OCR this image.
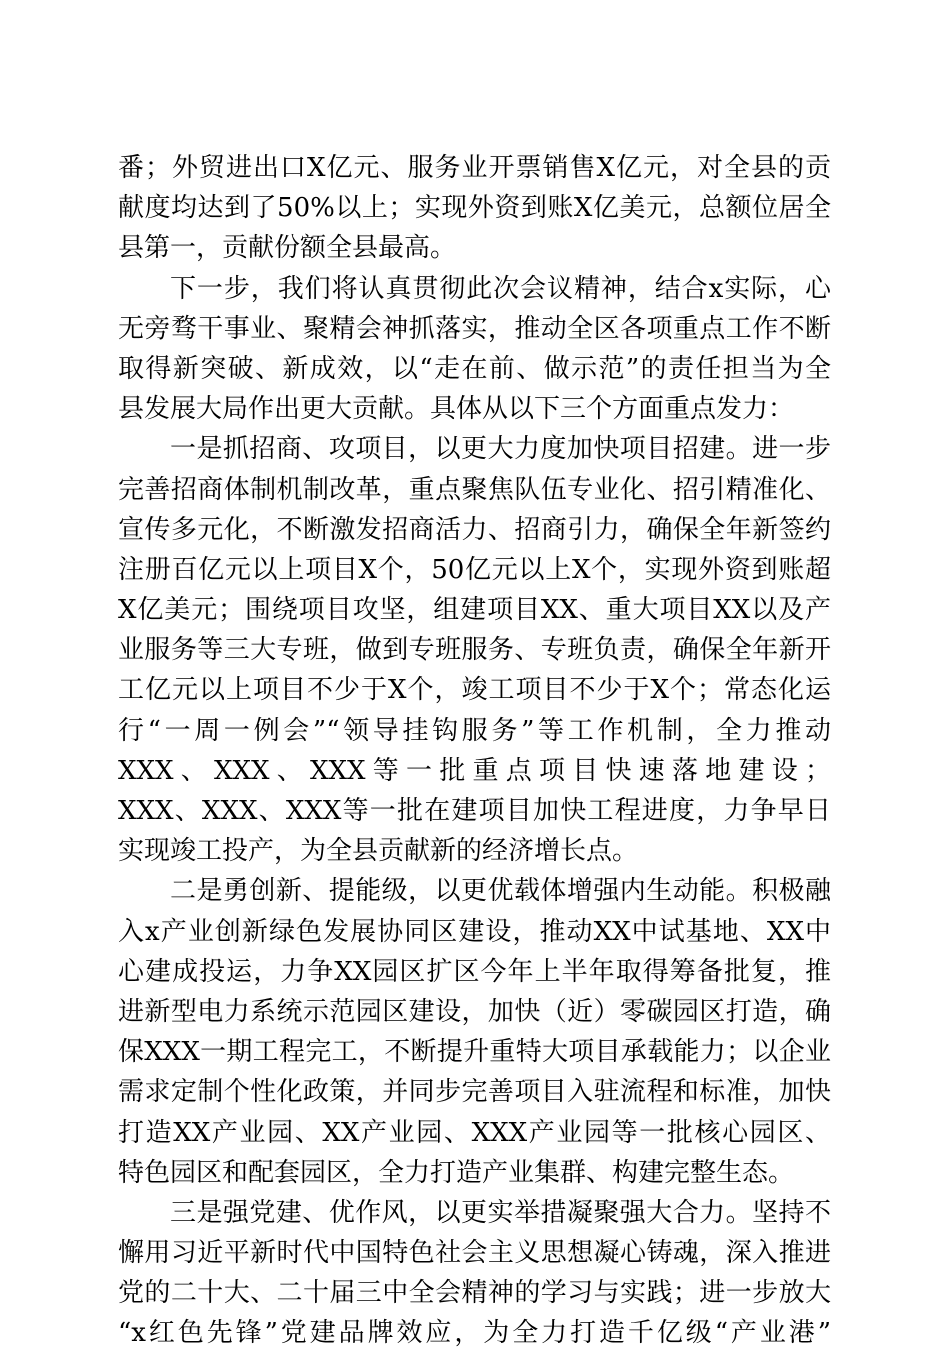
番；外贸进出口X亿元、服务业开票销售X亿元，对全县的贡
献度均达到了50%以上；实现外资到账X亿美元，总额位居全
县第一，贡献份额全县最高。
下一步，我们将认真贯彻此次会议精神，结合x实际，心
无旁骛干事业、聚精会神抓落实，推动全区各项重点工作不断
取得新突破、新成效，以“走在前、做示范”的责任担当为全
县发展大局作出更大贡献。具体从以下三个方面重点发力：
一是抓招商、攻项目，以更大力度加快项目招建。进一步
完善招商体制机制改革，重点聚焦队伍专业化、招引精准化、
宣传多元化，不断激发招商活力、招商引力，确保全年新签约
注册百亿元以上项目X个，50亿元以上X个，实现外资到账超
X亿美元；围绕项目攻坚，组建项目XX、重大项目XX以及产
业服务等三大专班，做到专班服务、专班负责，确保全年新开
工亿元以上项目不少于X个，竣工项目不少于X个；常态化运
行“一周一例会”“领导挂钩服务”等工作机制，全力推动
XXX、XXX、XXX等一批重点项目快速落地建设；
XXX、XXX、XXX等一批在建项目加快工程进度，力争早日
实现竣工投产，为全县贡献新的经济增长点。
二是勇创新、提能级，以更优载体增强内生动能。积极融
入x产业创新绿色发展协同区建设，推动XX中试基地、XX中
心建成投运，力争XX园区扩区今年上半年取得筹备批复，推
进新型电力系统示范园区建设，加快（近）零碳园区打造，确
保XXX一期工程完工，不断提升重特大项目承载能力；以企业
需求定制个性化政策，并同步完善项目入驻流程和标准，加快
打造XX产业园、XX产业园、XXX产业园等一批核心园区、
特色园区和配套园区，全力打造产业集群、构建完整生态。
三是强党建、优作风，以更实举措凝聚强大合力。坚持不
懈用习近平新时代中国特色社会主义思想凝心铸魂，深入推进
党的二十大、二十届三中全会精神的学习与实践；进一步放大
“x红色先锋”党建品牌效应，为全力打造千亿级“产业港”
